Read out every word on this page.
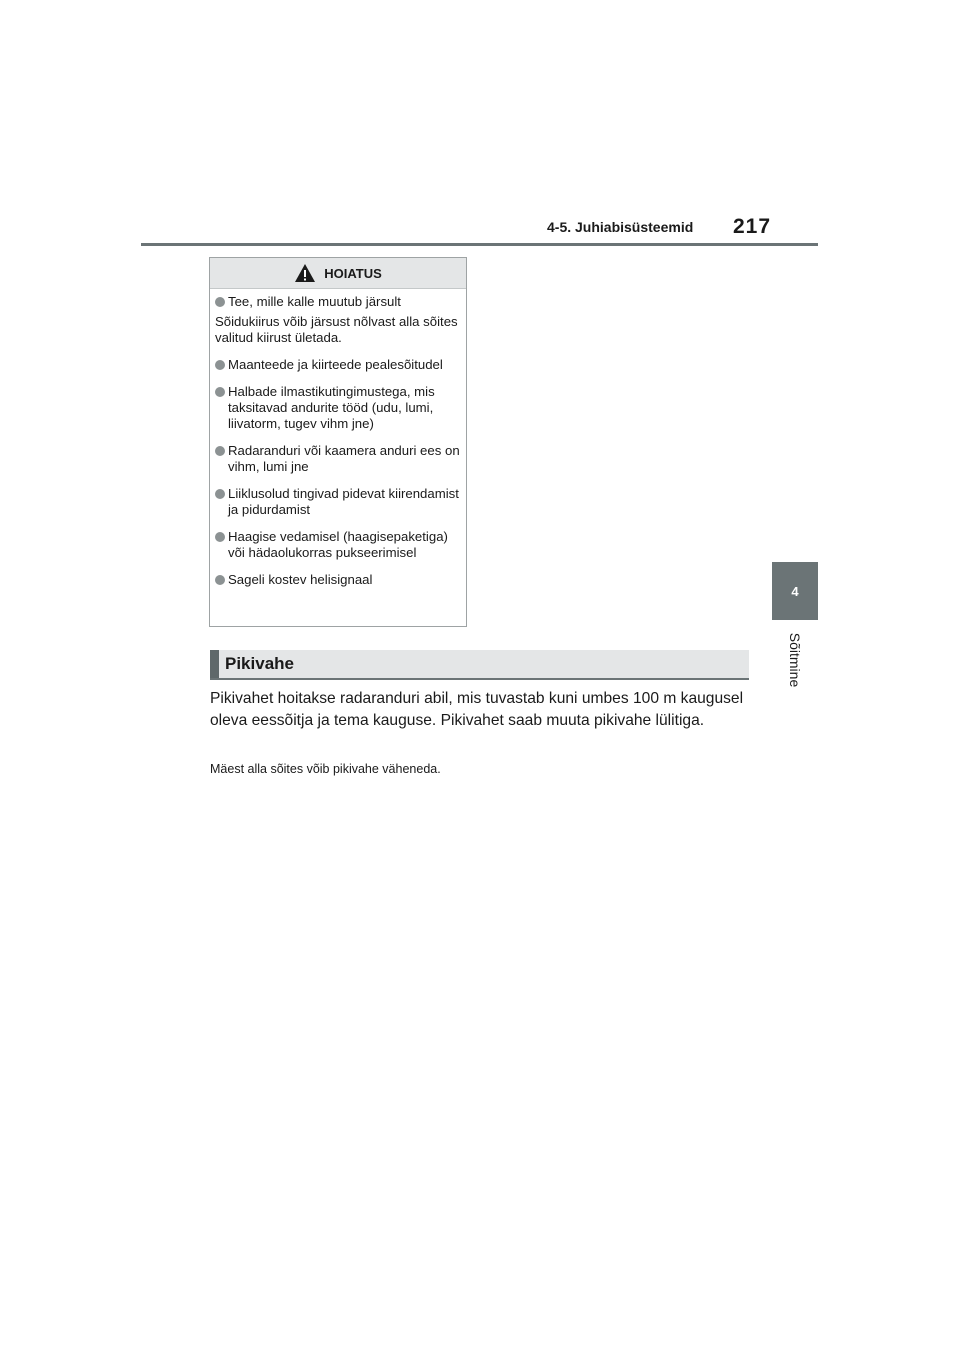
4-5. Juhiabisüsteemid 217
4
Sõitmine
HOIATUS
Tee, mille kalle muutub järsult
Sõidukiirus võib järsust nõlvast alla sõites valitud kiirust ületada.
Maanteede ja kiirteede pealesõitudel
Halbade ilmastikutingimustega, mis taksitavad andurite tööd (udu, lumi, liivatorm, tugev vihm jne)
Radaranduri või kaamera anduri ees on vihm, lumi jne
Liiklusolud tingivad pidevat kiirendamist ja pidurdamist
Haagise vedamisel (haagisepaketiga) või hädaolukorras pukseerimisel
Sageli kostev helisignaal
Pikivahe
Pikivahet hoitakse radaranduri abil, mis tuvastab kuni umbes 100 m kaugusel oleva eessõitja ja tema kauguse. Pikivahet saab muuta pikivahe lülitiga.
Mäest alla sõites võib pikivahe väheneda.
